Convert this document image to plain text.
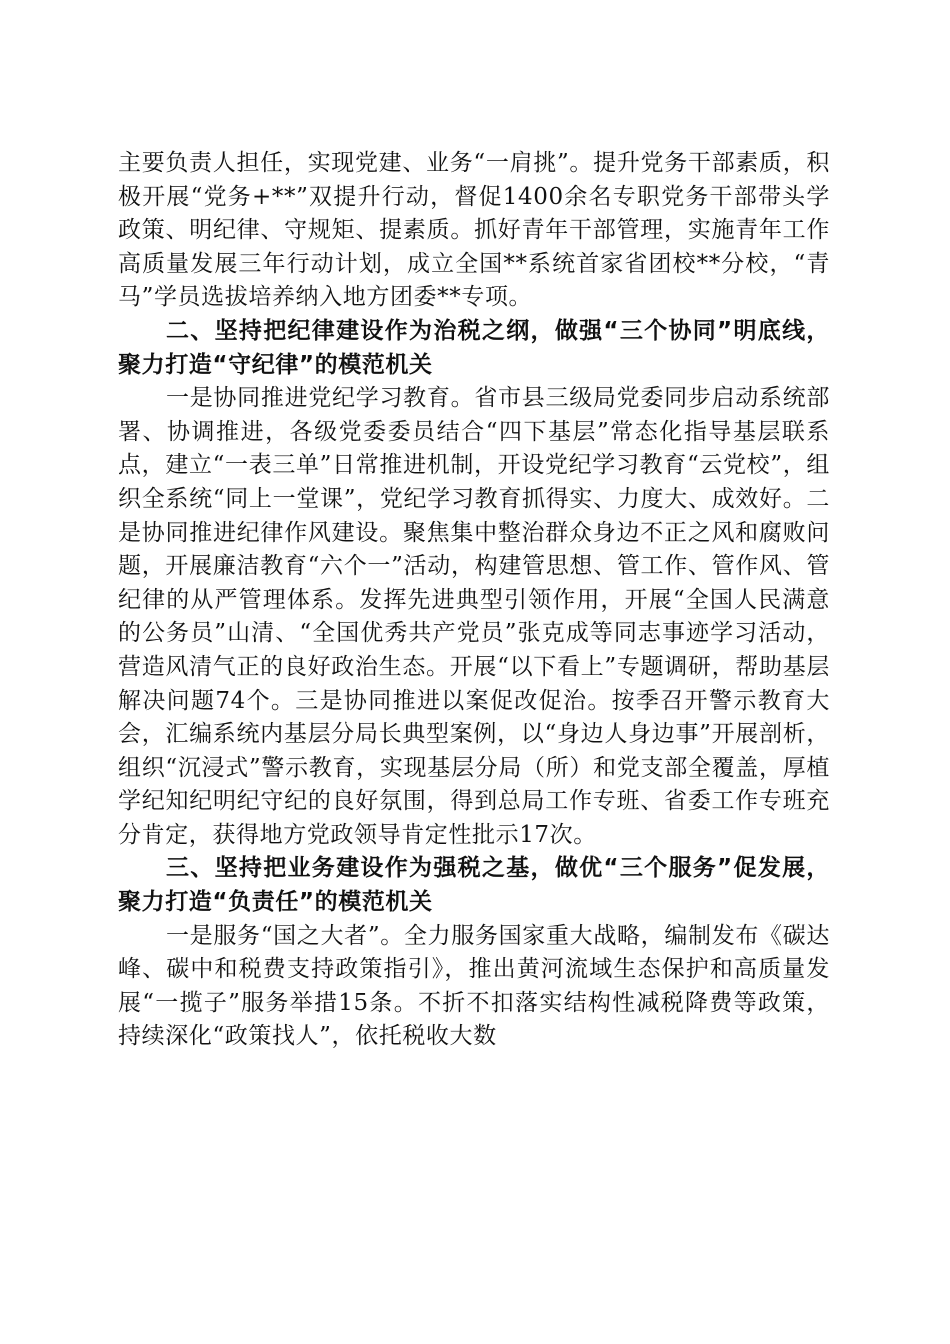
主要负责人担任，实现党建、业务“一肩挑”。提升党务干部素质，积极开展“党务+**”双提升行动，督促1400余名专职党务干部带头学政策、明纪律、守规矩、提素质。抓好青年干部管理，实施青年工作高质量发展三年行动计划，成立全国**系统首家省团校**分校，“青马”学员选拔培养纳入地方团委**专项。

二、坚持把纪律建设作为治税之纲，做强“三个协同”明底线，聚力打造“守纪律”的模范机关

一是协同推进党纪学习教育。省市县三级局党委同步启动系统部署、协调推进，各级党委委员结合“四下基层”常态化指导基层联系点，建立“一表三单”日常推进机制，开设党纪学习教育“云党校”，组织全系统“同上一堂课”，党纪学习教育抓得实、力度大、成效好。二是协同推进纪律作风建设。聚焦集中整治群众身边不正之风和腐败问题，开展廉洁教育“六个一”活动，构建管思想、管工作、管作风、管纪律的从严管理体系。发挥先进典型引领作用，开展“全国人民满意的公务员”山清、“全国优秀共产党员”张克成等同志事迹学习活动，营造风清气正的良好政治生态。开展“以下看上”专题调研，帮助基层解决问题74个。三是协同推进以案促改促治。按季召开警示教育大会，汇编系统内基层分局长典型案例，以“身边人身边事”开展剖析，组织“沉浸式”警示教育，实现基层分局（所）和党支部全覆盖，厚植学纪知纪明纪守纪的良好氛围，得到总局工作专班、省委工作专班充分肯定，获得地方党政领导肯定性批示17次。

三、坚持把业务建设作为强税之基，做优“三个服务”促发展，聚力打造“负责任”的模范机关

一是服务“国之大者”。全力服务国家重大战略，编制发布《碳达峰、碳中和税费支持政策指引》，推出黄河流域生态保护和高质量发展“一揽子”服务举措15条。不折不扣落实结构性减税降费等政策，持续深化“政策找人”，依托税收大数
